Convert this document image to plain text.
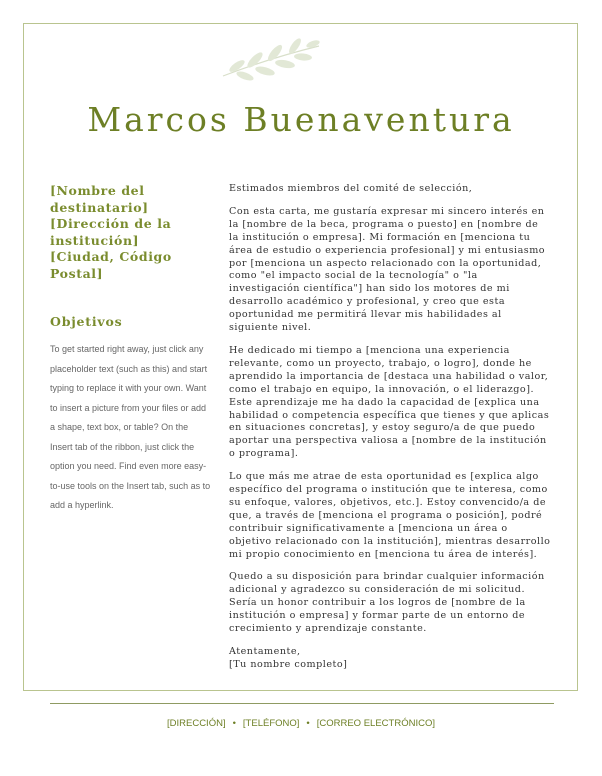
Marcos Buenaventura
[Nombre del
destinatario]
[Dirección de la
institución]
[Ciudad, Código
Postal]
Objetivos
To get started right away, just click any placeholder text (such as this) and start typing to replace it with your own. Want to insert a picture from your files or add a shape, text box, or table? On the Insert tab of the ribbon, just click the option you need. Find even more easy-to-use tools on the Insert tab, such as to add a hyperlink.

Estimados miembros del comité de selección,

Con esta carta, me gustaría expresar mi sincero interés en la [nombre de la beca, programa o puesto] en [nombre de la institución o empresa]. Mi formación en [menciona tu área de estudio o experiencia profesional] y mi entusiasmo por [menciona un aspecto relacionado con la oportunidad, como "el impacto social de la tecnología" o "la investigación científica"] han sido los motores de mi desarrollo académico y profesional, y creo que esta oportunidad me permitirá llevar mis habilidades al siguiente nivel.

He dedicado mi tiempo a [menciona una experiencia relevante, como un proyecto, trabajo, o logro], donde he aprendido la importancia de [destaca una habilidad o valor, como el trabajo en equipo, la innovación, o el liderazgo]. Este aprendizaje me ha dado la capacidad de [explica una habilidad o competencia específica que tienes y que aplicas en situaciones concretas], y estoy seguro/a de que puedo aportar una perspectiva valiosa a [nombre de la institución o programa].

Lo que más me atrae de esta oportunidad es [explica algo específico del programa o institución que te interesa, como su enfoque, valores, objetivos, etc.]. Estoy convencido/a de que, a través de [menciona el programa o posición], podré contribuir significativamente a [menciona un área o objetivo relacionado con la institución], mientras desarrollo mi propio conocimiento en [menciona tu área de interés].

Quedo a su disposición para brindar cualquier información adicional y agradezco su consideración de mi solicitud. Sería un honor contribuir a los logros de [nombre de la institución o empresa] y formar parte de un entorno de crecimiento y aprendizaje constante.

Atentamente,

[Tu nombre completo]

[DIRECCIÓN] • [TELÉFONO] • [CORREO ELECTRÓNICO]
